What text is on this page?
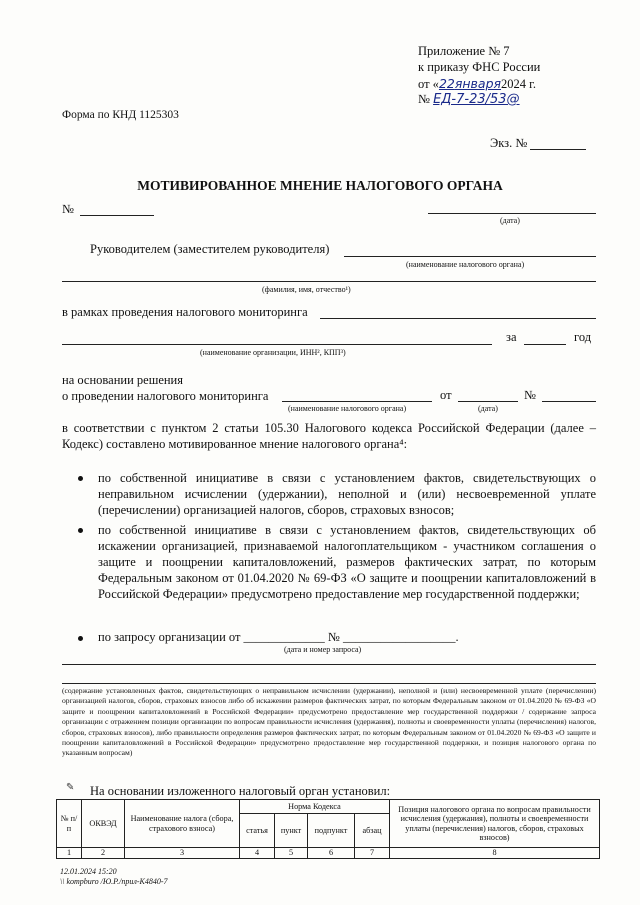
Приложение № 7
к приказу ФНС России
от «22января2024 г.
№ ЕД-7-23/53@
Форма по КНД 1125303
Экз. №
МОТИВИРОВАННОЕ МНЕНИЕ НАЛОГОВОГО ОРГАНА
№
(дата)
Руководителем (заместителем руководителя)
(наименование налогового органа)
(фамилия, имя, отчество¹)
в рамках проведения налогового мониторинга
за	год
(наименование организации, ИНН², КПП³)
на основании решения
о проведении налогового мониторинга	от	№
(наименование налогового органа)	(дата)
в соответствии с пунктом 2 статьи 105.30 Налогового кодекса Российской Федерации (далее – Кодекс) составлено мотивированное мнение налогового органа⁴:
по собственной инициативе в связи с установлением фактов, свидетельствующих о неправильном исчислении (удержании), неполной и (или) несвоевременной уплате (перечислении) организацией налогов, сборов, страховых взносов;
по собственной инициативе в связи с установлением фактов, свидетельствующих об искажении организацией, признаваемой налогоплательщиком - участником соглашения о защите и поощрении капиталовложений, размеров фактических затрат, по которым Федеральным законом от 01.04.2020 № 69-ФЗ «О защите и поощрении капиталовложений в Российской Федерации» предусмотрено предоставление мер государственной поддержки;
по запросу организации от _____________ № __________________.
(дата и номер запроса)
(содержание установленных фактов, свидетельствующих о неправильном исчислении (удержании), неполной и (или) несвоевременной уплате (перечислении) организацией налогов, сборов, страховых взносов либо об искажении размеров фактических затрат, по которым Федеральным законом от 01.04.2020 № 69-ФЗ «О защите и поощрении капиталовложений в Российской Федерации» предусмотрено предоставление мер государственной поддержки / содержание запроса организации с отражением позиции организации по вопросам правильности исчисления (удержания), полноты и своевременности уплаты (перечисления) налогов, сборов, страховых взносов), либо правильности определения размеров фактических затрат, по которым Федеральным законом от 01.04.2020 № 69-ФЗ «О защите и поощрении капиталовложений в Российской Федерации» предусмотрено предоставление мер государственной поддержки, и позиция налогового органа по указанным вопросам)
✎ На основании изложенного налоговый орган установил:
№ п/п	ОКВЭД	Наименование налога (сбора, страхового взноса)	Норма Кодекса				Позиция налогового органа по вопросам правильности исчисления (удержания), полноты и своевременности уплаты (перечисления) налогов, сборов, страховых взносов)
			статья	пункт	подпункт	абзац	
1	2	3	4	5	6	7	8
12.01.2024 15:20
\\ kompburo /Ю.Р./прил-К4840-7
